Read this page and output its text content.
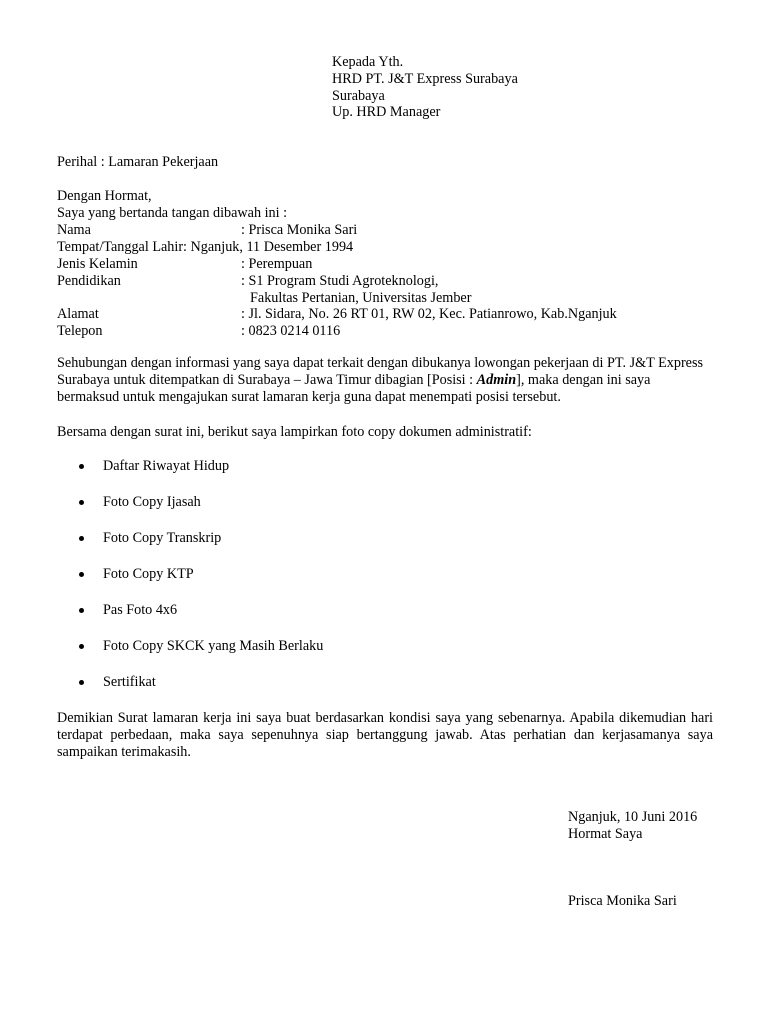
Kepada Yth.
HRD PT. J&T Express Surabaya
Surabaya
Up. HRD Manager
Perihal : Lamaran Pekerjaan
Dengan Hormat,
Saya yang bertanda tangan dibawah ini :
Nama	: Prisca Monika Sari
Tempat/Tanggal Lahir: Nganjuk, 11 Desember 1994
Jenis Kelamin	: Perempuan
Pendidikan	: S1 Program Studi Agroteknologi,
Fakultas Pertanian, Universitas Jember
Alamat	: Jl. Sidara, No. 26 RT 01, RW 02, Kec. Patianrowo, Kab.Nganjuk
Telepon	: 0823 0214 0116
Sehubungan dengan informasi yang saya dapat terkait dengan dibukanya lowongan pekerjaan di PT. J&T Express Surabaya untuk ditempatkan di Surabaya – Jawa Timur dibagian [Posisi : Admin], maka dengan ini saya bermaksud untuk mengajukan surat lamaran kerja guna dapat menempati posisi tersebut.
Bersama dengan surat ini, berikut saya lampirkan foto copy dokumen administratif:
Daftar Riwayat Hidup
Foto Copy Ijasah
Foto Copy Transkrip
Foto Copy KTP
Pas Foto 4x6
Foto Copy SKCK yang Masih Berlaku
Sertifikat
Demikian Surat lamaran kerja ini saya buat berdasarkan kondisi saya yang sebenarnya. Apabila dikemudian hari terdapat perbedaan, maka saya sepenuhnya siap bertanggung jawab. Atas perhatian dan kerjasamanya saya sampaikan terimakasih.
Nganjuk, 10 Juni 2016
Hormat Saya
Prisca Monika Sari
